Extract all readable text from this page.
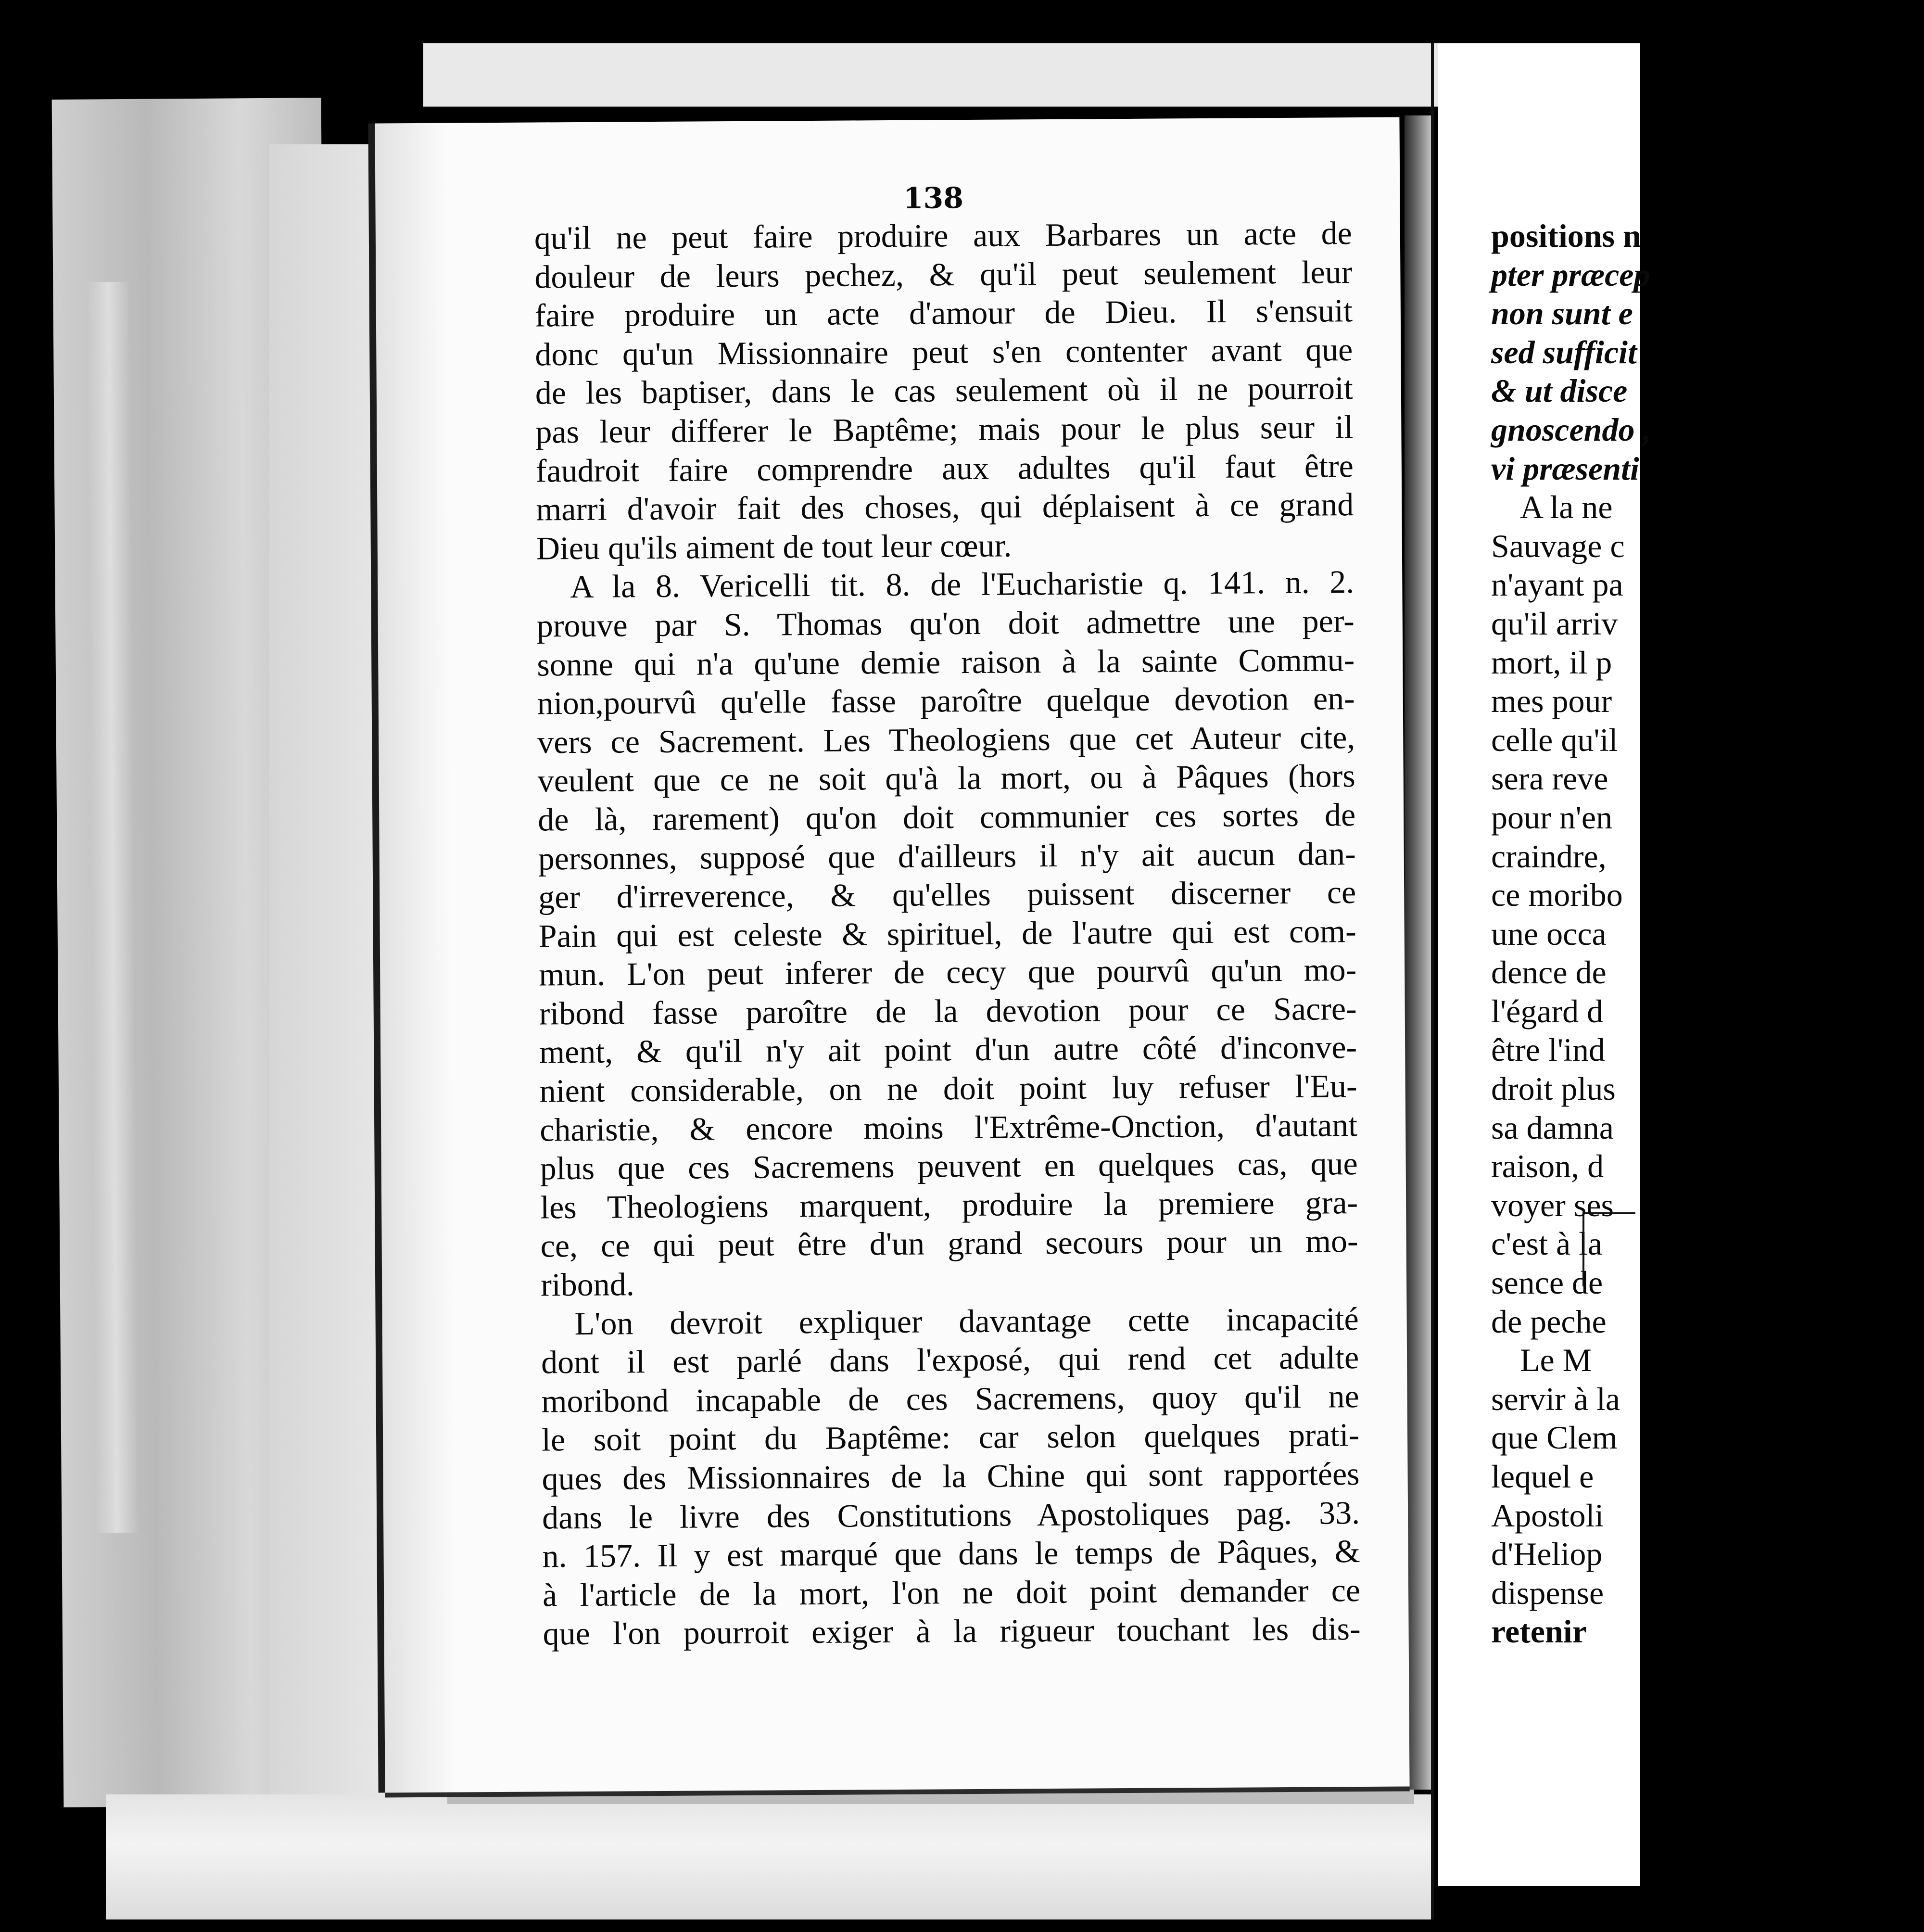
138
qu'il ne peut faire produire aux Barbares un acte de
douleur de leurs pechez, & qu'il peut seulement leur
faire produire un acte d'amour de Dieu. Il s'ensuit
donc qu'un Missionnaire peut s'en contenter avant que
de les baptiser, dans le cas seulement où il ne pourroit
pas leur differer le Baptême; mais pour le plus seur il
faudroit faire comprendre aux adultes qu'il faut être
marri d'avoir fait des choses, qui déplaisent à ce grand
Dieu qu'ils aiment de tout leur cœur.
A la 8. Vericelli tit. 8. de l'Eucharistie q. 141. n. 2.
prouve par S. Thomas qu'on doit admettre une per-
sonne qui n'a qu'une demie raison à la sainte Commu-
nion,pourvû qu'elle fasse paroître quelque devotion en-
vers ce Sacrement. Les Theologiens que cet Auteur cite,
veulent que ce ne soit qu'à la mort, ou à Pâques (hors
de là, rarement) qu'on doit communier ces sortes de
personnes, supposé que d'ailleurs il n'y ait aucun dan-
ger d'irreverence, & qu'elles puissent discerner ce
Pain qui est celeste & spirituel, de l'autre qui est com-
mun. L'on peut inferer de cecy que pourvû qu'un mo-
ribond fasse paroître de la devotion pour ce Sacre-
ment, & qu'il n'y ait point d'un autre côté d'inconve-
nient considerable, on ne doit point luy refuser l'Eu-
charistie, & encore moins l'Extrême-Onction, d'autant
plus que ces Sacremens peuvent en quelques cas, que
les Theologiens marquent, produire la premiere gra-
ce, ce qui peut être d'un grand secours pour un mo-
ribond.
L'on devroit expliquer davantage cette incapacité
dont il est parlé dans l'exposé, qui rend cet adulte
moribond incapable de ces Sacremens, quoy qu'il ne
le soit point du Baptême: car selon quelques prati-
ques des Missionnaires de la Chine qui sont rapportées
dans le livre des Constitutions Apostoliques pag. 33.
n. 157. Il y est marqué que dans le temps de Pâques, &
à l'article de la mort, l'on ne doit point demander ce
que l'on pourroit exiger à la rigueur touchant les dis-
positions n
pter præcep
non sunt e
sed sufficit
& ut disce
gnoscendo ,
vi præsenti
A la ne
Sauvage c
n'ayant pa
qu'il arriv
mort, il p
mes pour
celle qu'il
sera reve
pour n'en
craindre,
ce moribo
une occa
dence de
l'égard d
être l'ind
droit plus
sa damna
raison, d
voyer ses
c'est à la
sence de
de peche
Le M
servir à la
que Clem
lequel e
Apostoli
d'Heliop
dispense
retenir
